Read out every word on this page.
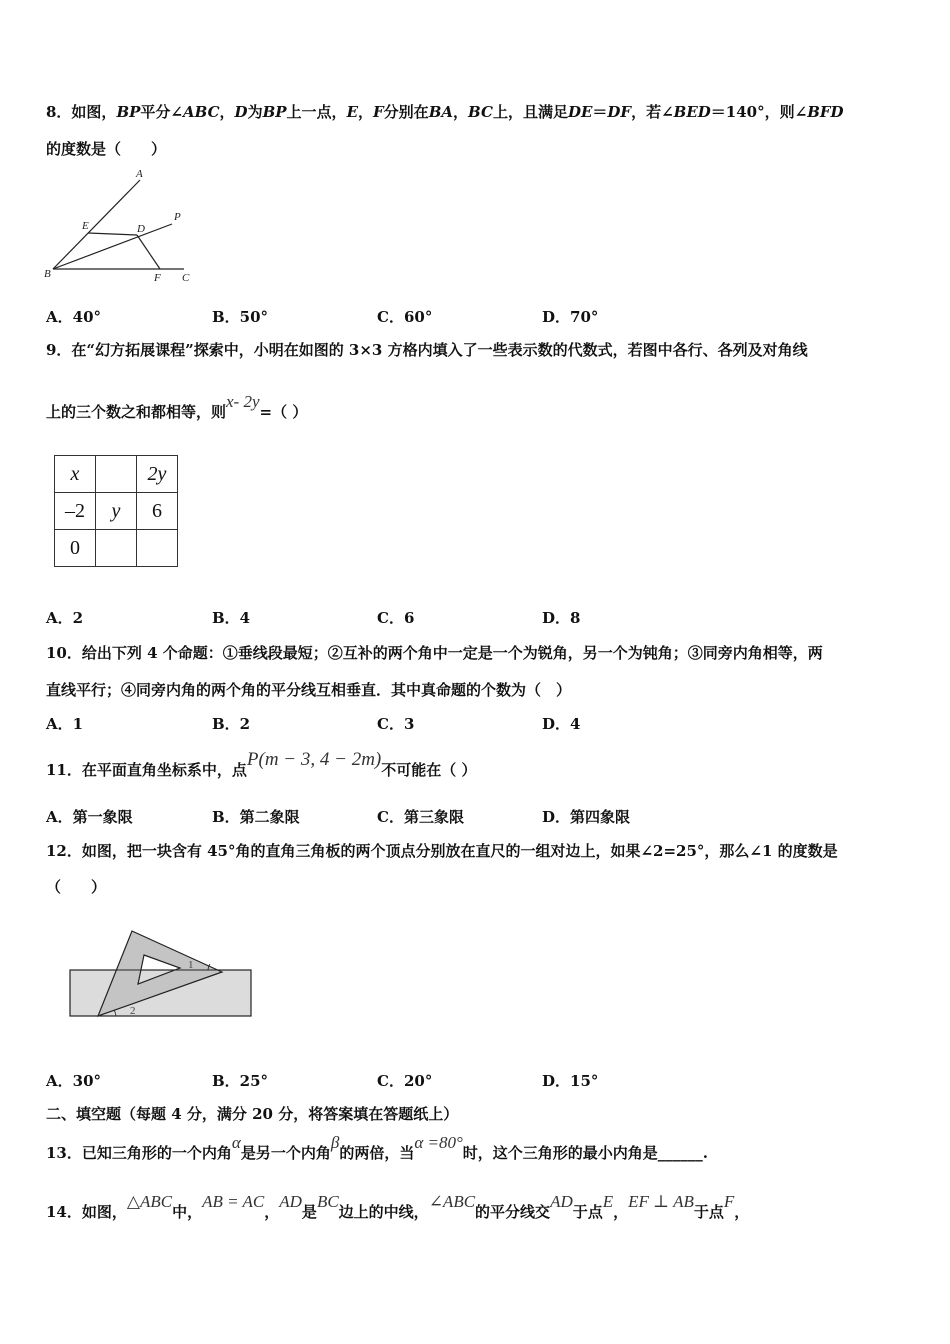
8．如图，BP平分∠ABC，D为BP上一点，E，F分别在BA，BC上，且满足DE＝DF，若∠BED＝140°，则∠BFD
的度数是（　　）
A
P
E	D
B	F C
A．40°	B．50°	C．60°	D．70°
9．在“幻方拓展课程”探索中，小明在如图的 3×3 方格内填入了一些表示数的代数式，若图中各行、各列及对角线
上的三个数之和都相等，则x- 2y=（ ）
x		2y
–2	y	6
0		
A．2	B．4	C．6	D．8
10．给出下列 4 个命题：①垂线段最短；②互补的两个角中一定是一个为锐角，另一个为钝角；③同旁内角相等，两
直线平行；④同旁内角的两个角的平分线互相垂直．其中真命题的个数为（　）
A．1	B．2	C．3	D．4
11．在平面直角坐标系中，点P(m − 3, 4 − 2m)不可能在（ ）
A．第一象限	B．第二象限	C．第三象限	D．第四象限
12．如图，把一块含有 45°角的直角三角板的两个顶点分别放在直尺的一组对边上，如果∠2=25°，那么∠1 的度数是
（　　）
1
2
A．30°	B．25°	C．20°	D．15°
二、填空题（每题 4 分，满分 20 分，将答案填在答题纸上）
13．已知三角形的一个内角α是另一个内角β的两倍，当α =80°时，这个三角形的最小内角是______.
14．如图，△ABC中，AB = AC，AD是BC边上的中线，∠ABC的平分线交AD于点E，EF ⊥ AB于点F，
